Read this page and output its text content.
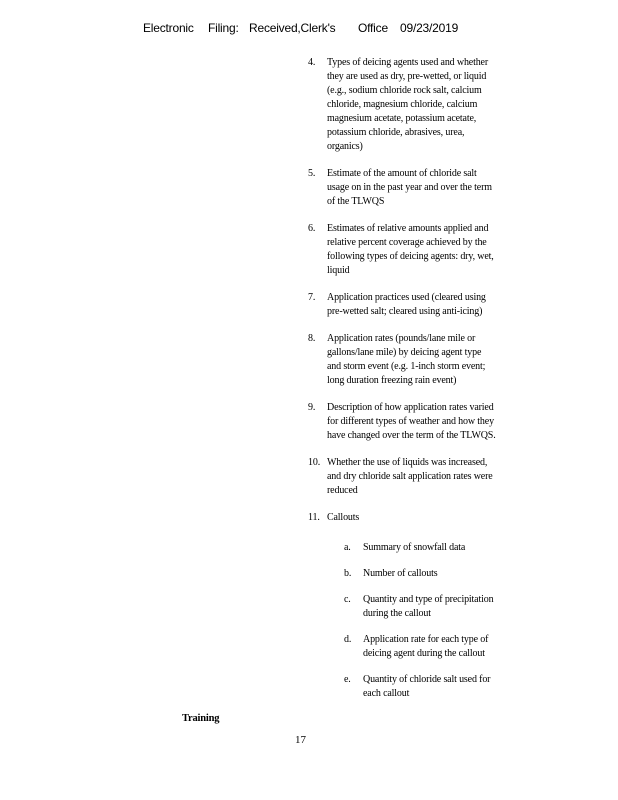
Electronic Filing: Received,Clerk's Office 09/23/2019
4. Types of deicing agents used and whether they are used as dry, pre-wetted, or liquid (e.g., sodium chloride rock salt, calcium chloride, magnesium chloride, calcium magnesium acetate, potassium acetate, potassium chloride, abrasives, urea, organics)
5. Estimate of the amount of chloride salt usage on in the past year and over the term of the TLWQS
6. Estimates of relative amounts applied and relative percent coverage achieved by the following types of deicing agents: dry, wet, liquid
7. Application practices used (cleared using pre-wetted salt; cleared using anti-icing)
8. Application rates (pounds/lane mile or gallons/lane mile) by deicing agent type and storm event (e.g. 1-inch storm event; long duration freezing rain event)
9. Description of how application rates varied for different types of weather and how they have changed over the term of the TLWQS.
10. Whether the use of liquids was increased, and dry chloride salt application rates were reduced
11. Callouts
a. Summary of snowfall data
b. Number of callouts
c. Quantity and type of precipitation during the callout
d. Application rate for each type of deicing agent during the callout
e. Quantity of chloride salt used for each callout
Training
17
